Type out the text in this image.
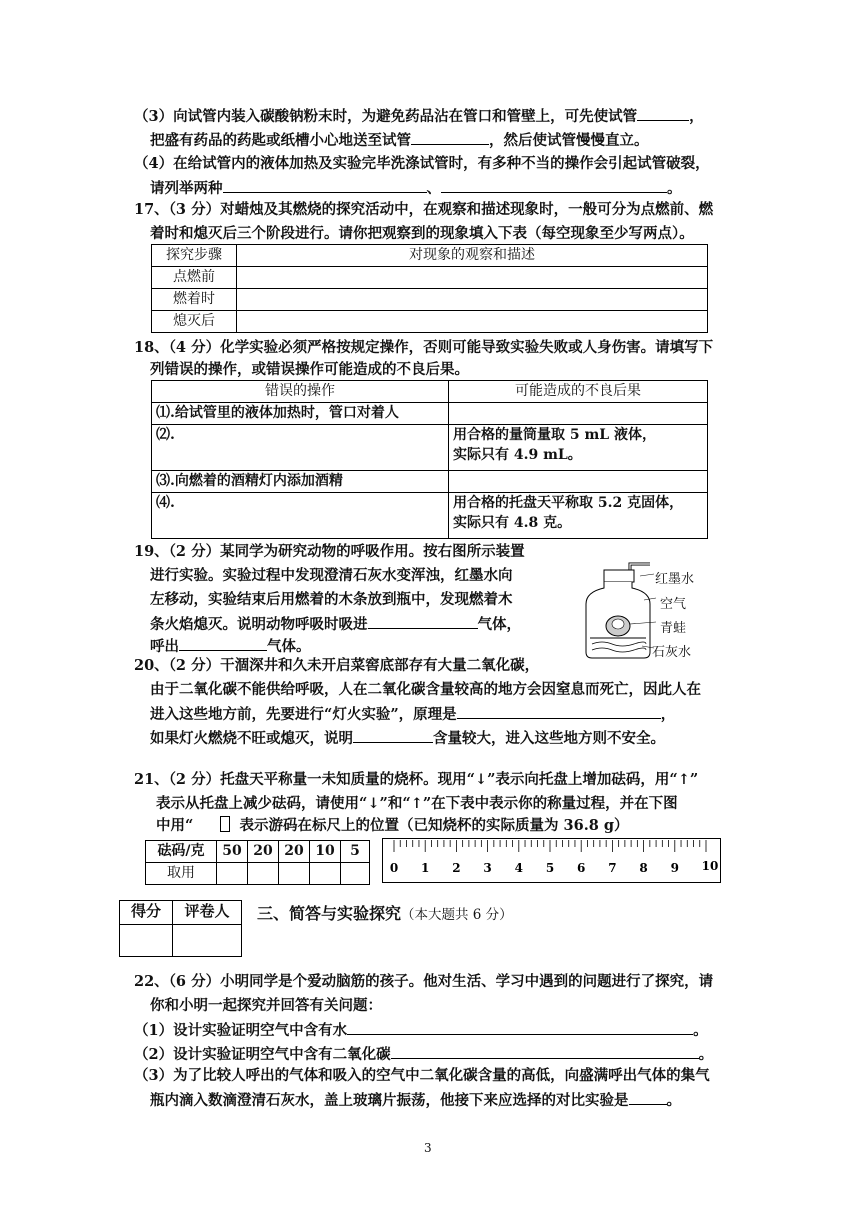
（3）向试管内装入碳酸钠粉末时，为避免药品沾在管口和管壁上，可先使试管	，
把盛有药品的药匙或纸槽小心地送至试管	，然后使试管慢慢直立。
（4）在给试管内的液体加热及实验完毕洗涤试管时，有多种不当的操作会引起试管破裂，
请列举两种	、	。
17、（3 分）对蜡烛及其燃烧的探究活动中，在观察和描述现象时，一般可分为点燃前、燃
着时和熄灭后三个阶段进行。请你把观察到的现象填入下表（每空现象至少写两点）。
探究步骤	对现象的观察和描述
点燃前	
燃着时	
熄灭后	
18、（4 分）化学实验必须严格按规定操作，否则可能导致实验失败或人身伤害。请填写下
列错误的操作，或错误操作可能造成的不良后果。
错误的操作	可能造成的不良后果
⑴.给试管里的液体加热时，管口对着人	
⑵.	用合格的量筒量取 5 mL 液体，
实际只有 4.9 mL。

⑶.向燃着的酒精灯内添加酒精	
⑷.	用合格的托盘天平称取 5.2 克固体，
实际只有 4.8 克。
19、（2 分）某同学为研究动物的呼吸作用。按右图所示装置
进行实验。实验过程中发现澄清石灰水变浑浊，红墨水向
左移动，实验结束后用燃着的木条放到瓶中，发现燃着木
条火焰熄灭。说明动物呼吸时吸进	气体，
呼出	气体。
红墨水
空气
青蛙
石灰水
20、（2 分）干涸深井和久未开启菜窖底部存有大量二氧化碳，
由于二氧化碳不能供给呼吸，人在二氧化碳含量较高的地方会因窒息而死亡，因此人在
进入这些地方前，先要进行“灯火实验”，原理是	，
如果灯火燃烧不旺或熄灭，说明	含量较大，进入这些地方则不安全。
21、（2 分）托盘天平称量一未知质量的烧杯。现用“↓”表示向托盘上增加砝码，用“↑”
表示从托盘上减少砝码，请使用“↓”和“↑”在下表中表示你的称量过程，并在下图
中用“	表示游码在标尺上的位置（已知烧杯的实际质量为 36.8 g）
砝码/克	50	20	20	10	5
取用						0 1 2 3 4 5 6 7 8 9 10
得分	评卷人
	三、简答与实验探究（本大题共 6 分）
22、（6 分）小明同学是个爱动脑筋的孩子。他对生活、学习中遇到的问题进行了探究，请
你和小明一起探究并回答有关问题：
（1）设计实验证明空气中含有水	。
（2）设计实验证明空气中含有二氧化碳	。
（3）为了比较人呼出的气体和吸入的空气中二氧化碳含量的高低，向盛满呼出气体的集气
瓶内滴入数滴澄清石灰水，盖上玻璃片振荡，他接下来应选择的对比实验是	。
3
